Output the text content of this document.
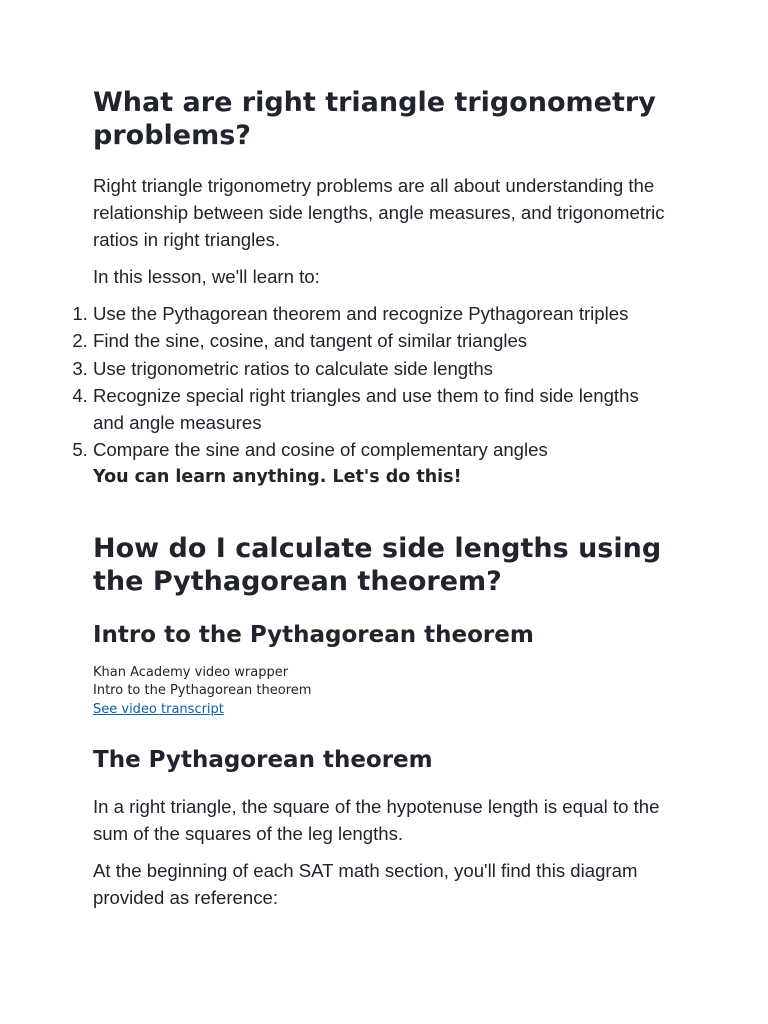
What are right triangle trigonometry problems?

Right triangle trigonometry problems are all about understanding the relationship between side lengths, angle measures, and trigonometric ratios in right triangles.

In this lesson, we'll learn to:

1. Use the Pythagorean theorem and recognize Pythagorean triples
2. Find the sine, cosine, and tangent of similar triangles
3. Use trigonometric ratios to calculate side lengths
4. Recognize special right triangles and use them to find side lengths and angle measures
5. Compare the sine and cosine of complementary angles

You can learn anything. Let's do this!

How do I calculate side lengths using the Pythagorean theorem?
Intro to the Pythagorean theorem

Khan Academy video wrapper

Intro to the Pythagorean theorem

See video transcript
The Pythagorean theorem

In a right triangle, the square of the hypotenuse length is equal to the sum of the squares of the leg lengths.

At the beginning of each SAT math section, you'll find this diagram provided as reference:
